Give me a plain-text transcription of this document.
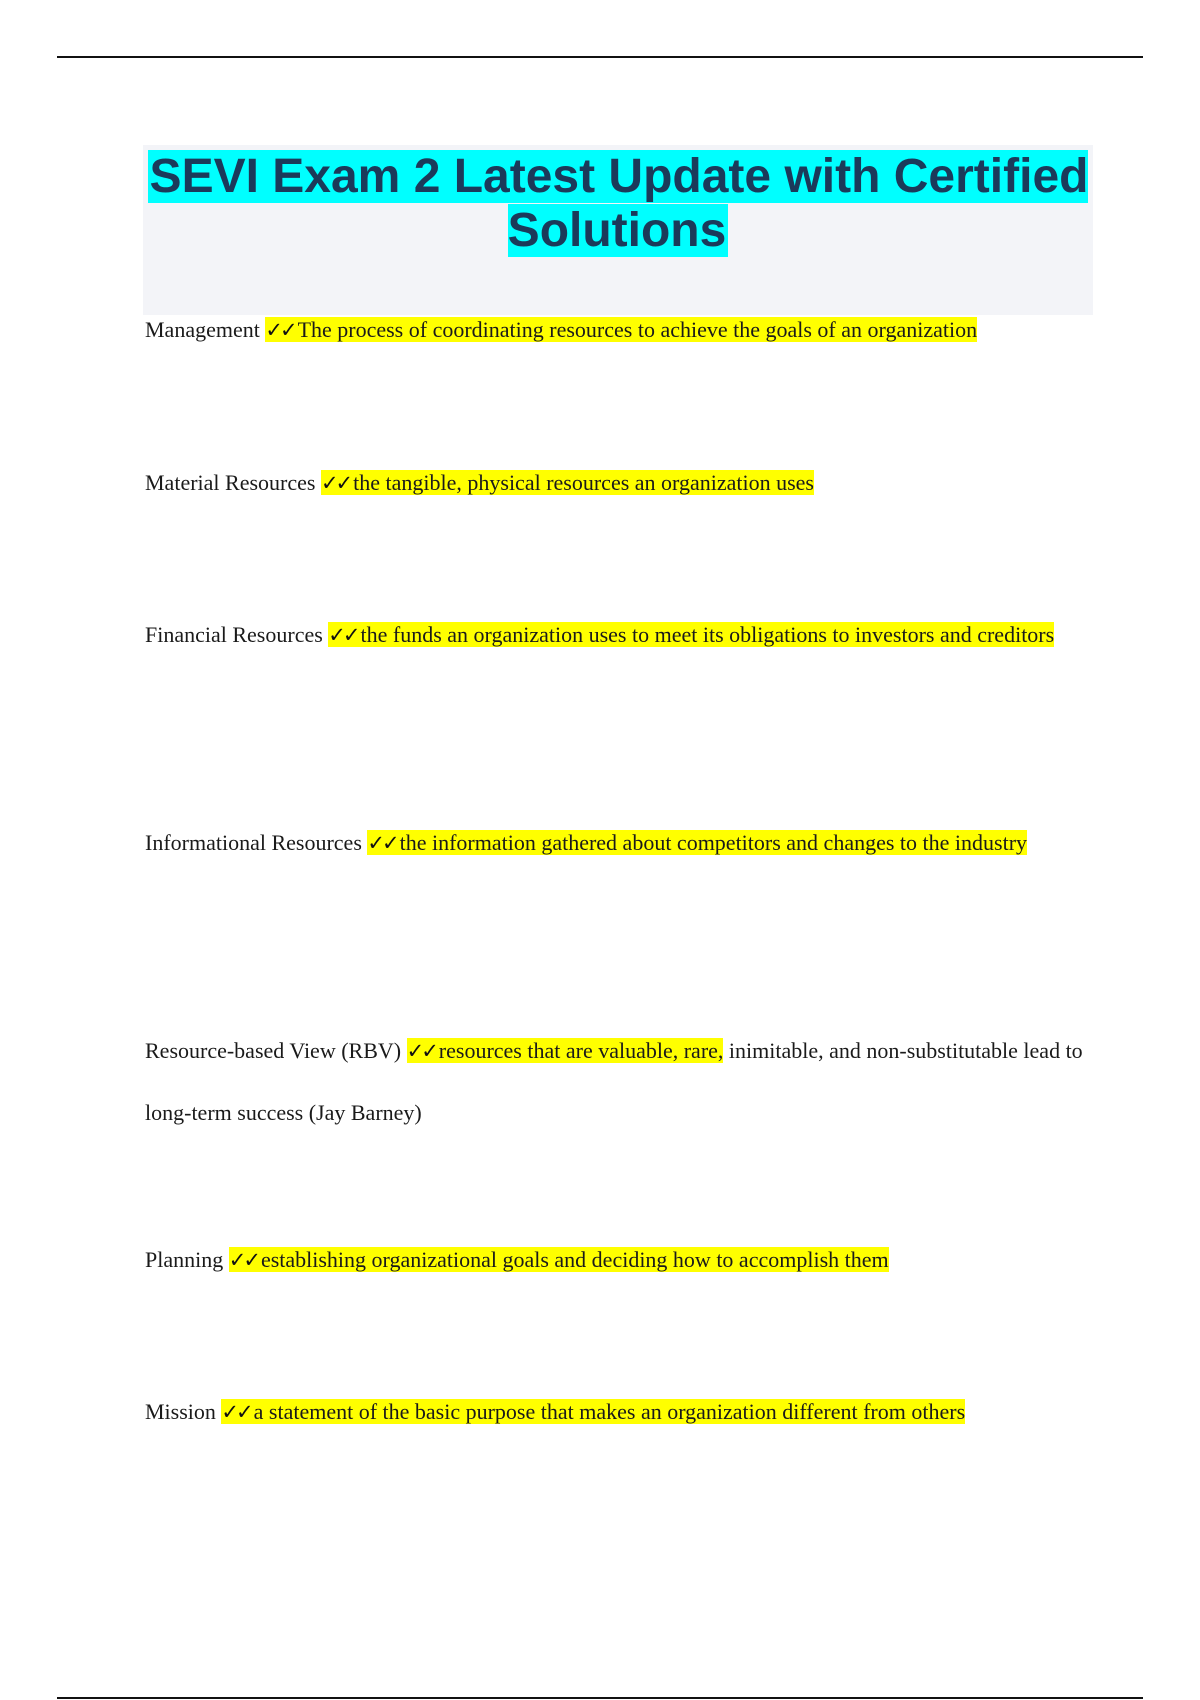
SEVI Exam 2 Latest Update with Certified Solutions

Management ✓✓ The process of coordinating resources to achieve the goals of an organization

Material Resources ✓✓ the tangible, physical resources an organization uses

Financial Resources ✓✓ the funds an organization uses to meet its obligations to investors and creditors

Informational Resources ✓✓ the information gathered about competitors and changes to the industry

Resource-based View (RBV) ✓✓ resources that are valuable, rare, inimitable, and non-substitutable lead to long-term success (Jay Barney)

Planning ✓✓ establishing organizational goals and deciding how to accomplish them

Mission ✓✓ a statement of the basic purpose that makes an organization different from others
